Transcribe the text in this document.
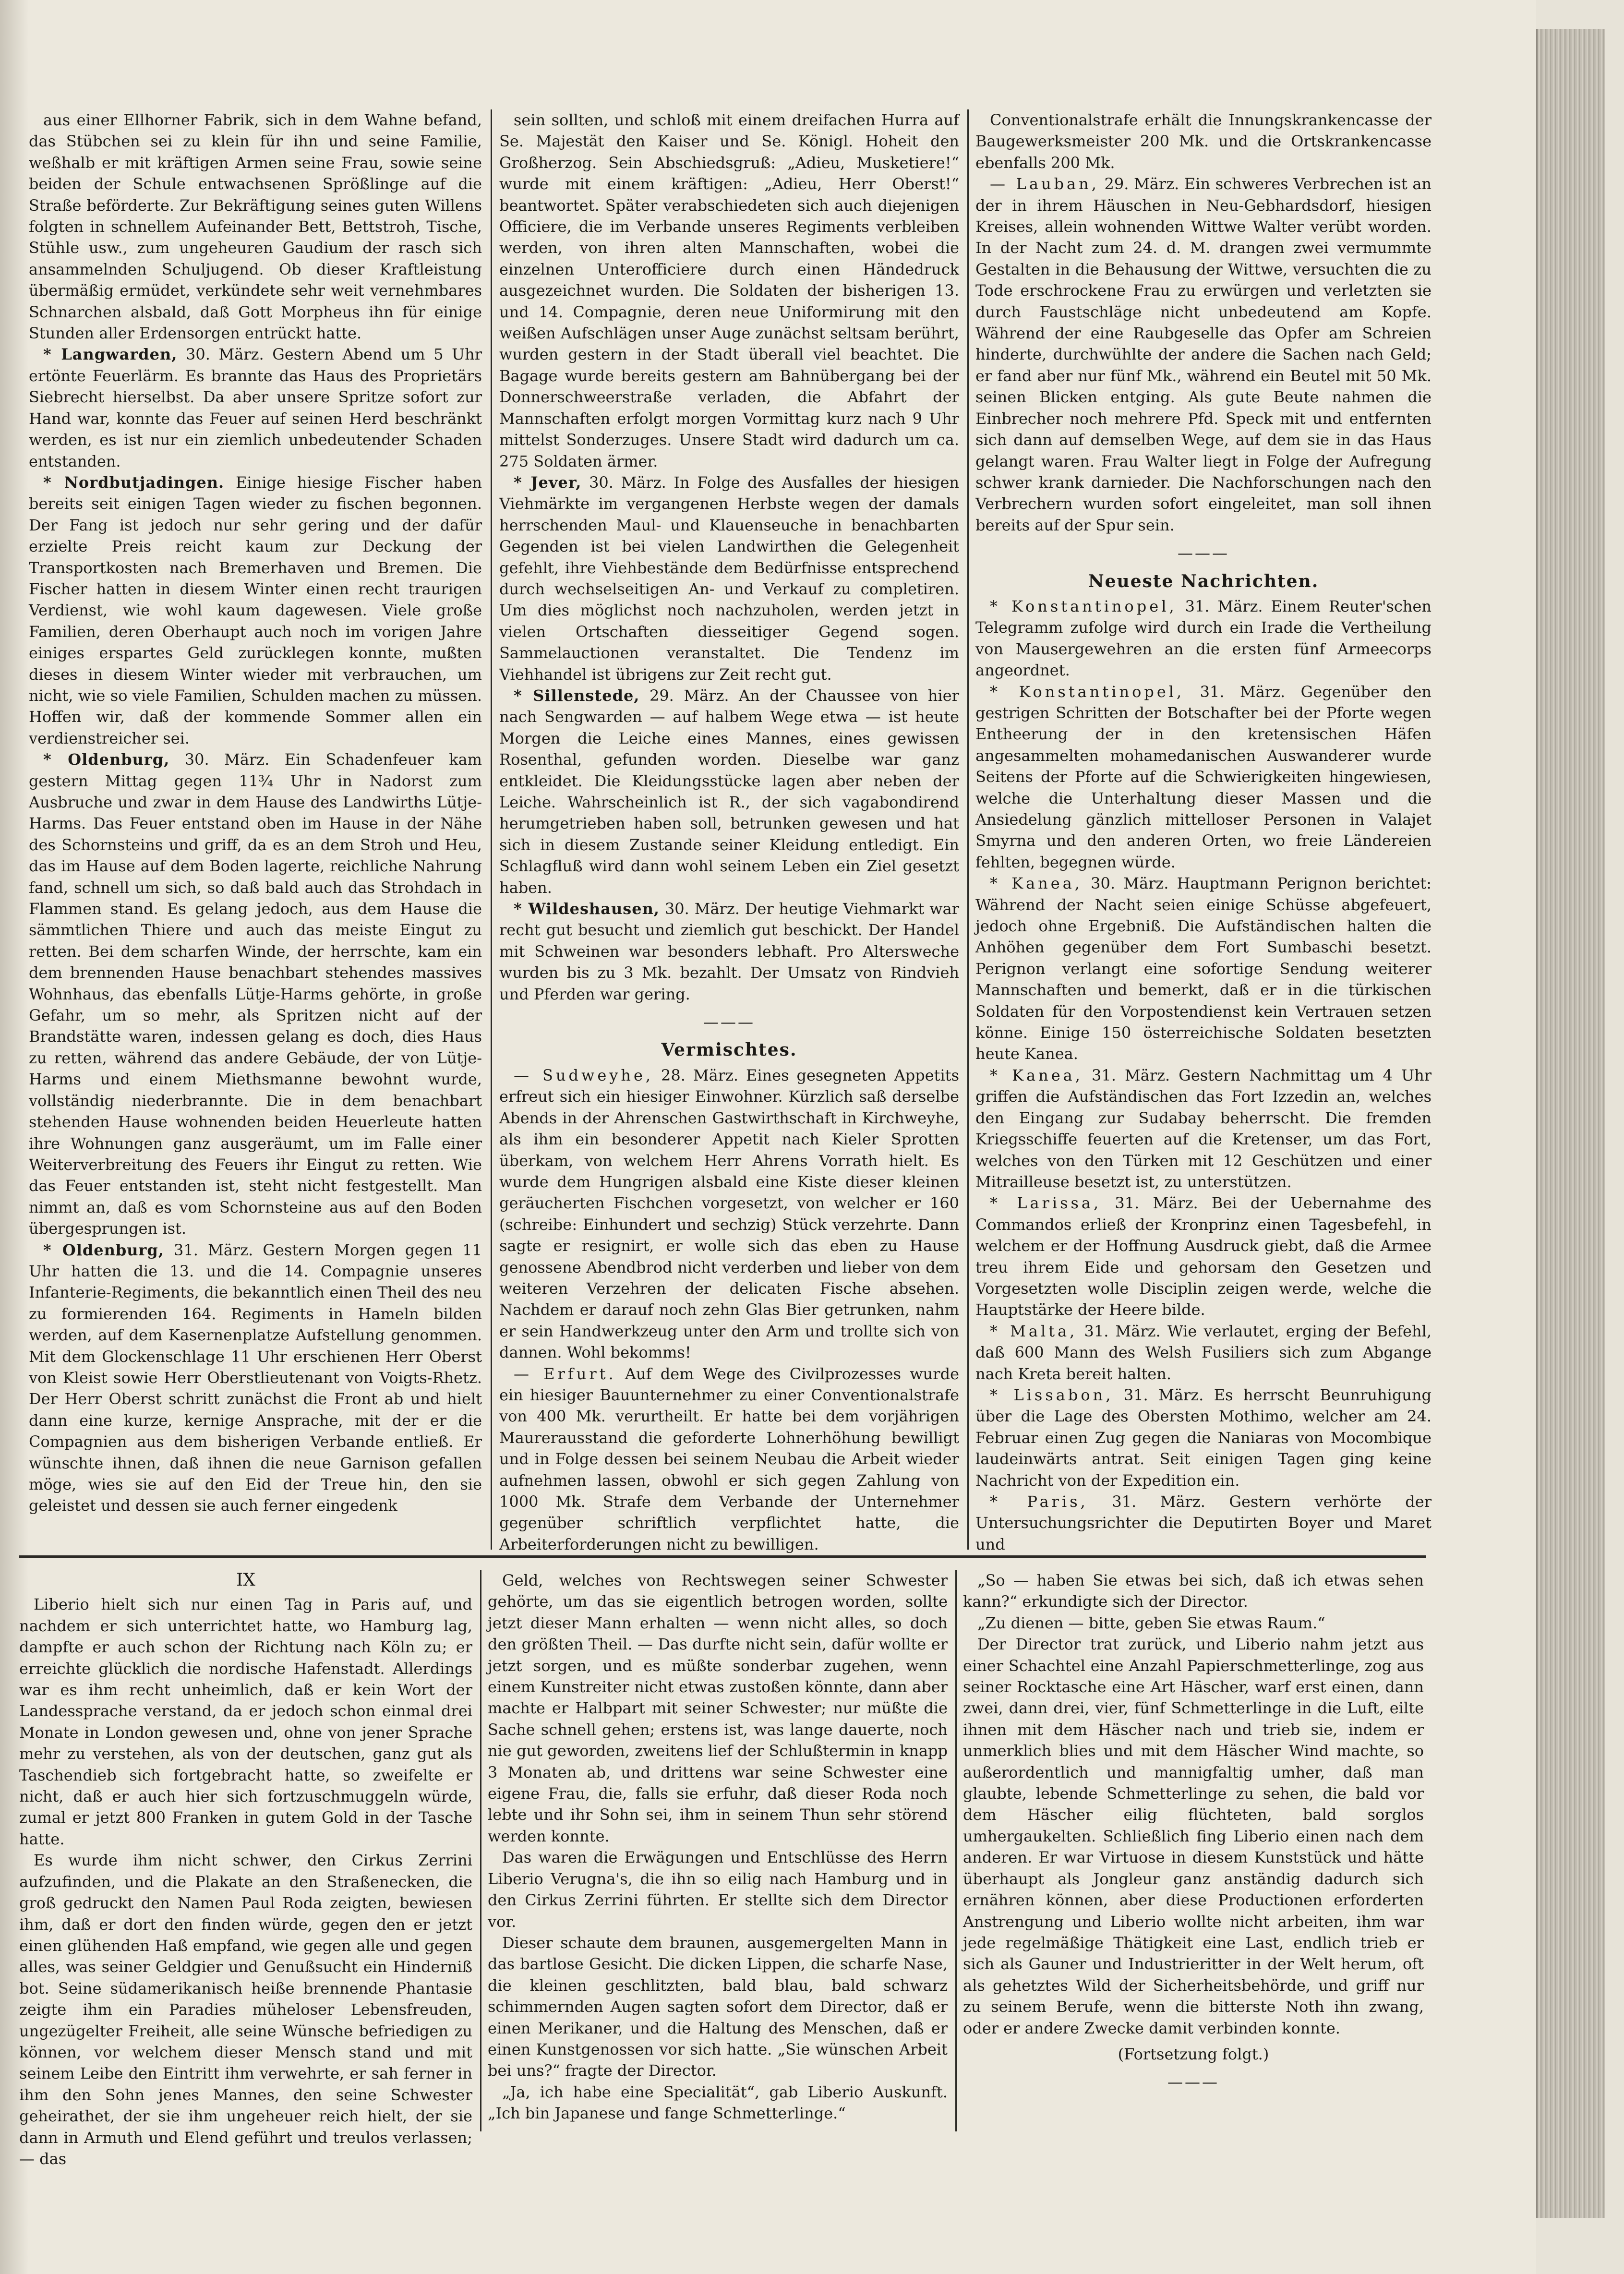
aus einer Ellhorner Fabrik, sich in dem Wahne befand, das Stübchen sei zu klein für ihn und seine Familie, weßhalb er mit kräftigen Armen seine Frau, sowie seine beiden der Schule entwachsenen Sprößlinge auf die Straße beförderte. Zur Bekräftigung seines guten Willens folgten in schnellem Aufeinander Bett, Bettstroh, Tische, Stühle usw., zum ungeheuren Gaudium der rasch sich ansammelnden Schuljugend. Ob dieser Kraftleistung übermäßig ermüdet, verkündete sehr weit vernehmbares Schnarchen alsbald, daß Gott Morpheus ihn für einige Stunden aller Erdensorgen entrückt hatte.

* Langwarden, 30. März. Gestern Abend um 5 Uhr ertönte Feuerlärm. Es brannte das Haus des Proprietärs Siebrecht hierselbst. Da aber unsere Spritze sofort zur Hand war, konnte das Feuer auf seinen Herd beschränkt werden, es ist nur ein ziemlich unbedeutender Schaden entstanden.

* Nordbutjadingen. Einige hiesige Fischer haben bereits seit einigen Tagen wieder zu fischen begonnen. Der Fang ist jedoch nur sehr gering und der dafür erzielte Preis reicht kaum zur Deckung der Transportkosten nach Bremerhaven und Bremen. Die Fischer hatten in diesem Winter einen recht traurigen Verdienst, wie wohl kaum dagewesen. Viele große Familien, deren Oberhaupt auch noch im vorigen Jahre einiges erspartes Geld zurücklegen konnte, mußten dieses in diesem Winter wieder mit verbrauchen, um nicht, wie so viele Familien, Schulden machen zu müssen. Hoffen wir, daß der kommende Sommer allen ein verdienstreicher sei.

* Oldenburg, 30. März. Ein Schadenfeuer kam gestern Mittag gegen 11¾ Uhr in Nadorst zum Ausbruche und zwar in dem Hause des Landwirths Lütje-Harms. Das Feuer entstand oben im Hause in der Nähe des Schornsteins und griff, da es an dem Stroh und Heu, das im Hause auf dem Boden lagerte, reichliche Nahrung fand, schnell um sich, so daß bald auch das Strohdach in Flammen stand. Es gelang jedoch, aus dem Hause die sämmtlichen Thiere und auch das meiste Eingut zu retten. Bei dem scharfen Winde, der herrschte, kam ein dem brennenden Hause benachbart stehendes massives Wohnhaus, das ebenfalls Lütje-Harms gehörte, in große Gefahr, um so mehr, als Spritzen nicht auf der Brandstätte waren, indessen gelang es doch, dies Haus zu retten, während das andere Gebäude, der von Lütje-Harms und einem Miethsmanne bewohnt wurde, vollständig niederbrannte. Die in dem benachbart stehenden Hause wohnenden beiden Heuerleute hatten ihre Wohnungen ganz ausgeräumt, um im Falle einer Weiterverbreitung des Feuers ihr Eingut zu retten. Wie das Feuer entstanden ist, steht nicht festgestellt. Man nimmt an, daß es vom Schornsteine aus auf den Boden übergesprungen ist.

* Oldenburg, 31. März. Gestern Morgen gegen 11 Uhr hatten die 13. und die 14. Compagnie unseres Infanterie-Regiments, die bekanntlich einen Theil des neu zu formierenden 164. Regiments in Hameln bilden werden, auf dem Kasernenplatze Aufstellung genommen. Mit dem Glockenschlage 11 Uhr erschienen Herr Oberst von Kleist sowie Herr Oberstlieutenant von Voigts-Rhetz. Der Herr Oberst schritt zunächst die Front ab und hielt dann eine kurze, kernige Ansprache, mit der er die Compagnien aus dem bisherigen Verbande entließ. Er wünschte ihnen, daß ihnen die neue Garnison gefallen möge, wies sie auf den Eid der Treue hin, den sie geleistet und dessen sie auch ferner eingedenk

sein sollten, und schloß mit einem dreifachen Hurra auf Se. Majestät den Kaiser und Se. Königl. Hoheit den Großherzog. Sein Abschiedsgruß: „Adieu, Musketiere!“ wurde mit einem kräftigen: „Adieu, Herr Oberst!“ beantwortet. Später verabschiedeten sich auch diejenigen Officiere, die im Verbande unseres Regiments verbleiben werden, von ihren alten Mannschaften, wobei die einzelnen Unterofficiere durch einen Händedruck ausgezeichnet wurden. Die Soldaten der bisherigen 13. und 14. Compagnie, deren neue Uniformirung mit den weißen Aufschlägen unser Auge zunächst seltsam berührt, wurden gestern in der Stadt überall viel beachtet. Die Bagage wurde bereits gestern am Bahnübergang bei der Donnerschweerstraße verladen, die Abfahrt der Mannschaften erfolgt morgen Vormittag kurz nach 9 Uhr mittelst Sonderzuges. Unsere Stadt wird dadurch um ca. 275 Soldaten ärmer.

* Jever, 30. März. In Folge des Ausfalles der hiesigen Viehmärkte im vergangenen Herbste wegen der damals herrschenden Maul- und Klauenseuche in benachbarten Gegenden ist bei vielen Landwirthen die Gelegenheit gefehlt, ihre Viehbestände dem Bedürfnisse entsprechend durch wechselseitigen An- und Verkauf zu completiren. Um dies möglichst noch nachzuholen, werden jetzt in vielen Ortschaften diesseitiger Gegend sogen. Sammelauctionen veranstaltet. Die Tendenz im Viehhandel ist übrigens zur Zeit recht gut.

* Sillenstede, 29. März. An der Chaussee von hier nach Sengwarden — auf halbem Wege etwa — ist heute Morgen die Leiche eines Mannes, eines gewissen Rosenthal, gefunden worden. Dieselbe war ganz entkleidet. Die Kleidungsstücke lagen aber neben der Leiche. Wahrscheinlich ist R., der sich vagabondirend herumgetrieben haben soll, betrunken gewesen und hat sich in diesem Zustande seiner Kleidung entledigt. Ein Schlagfluß wird dann wohl seinem Leben ein Ziel gesetzt haben.

* Wildeshausen, 30. März. Der heutige Viehmarkt war recht gut besucht und ziemlich gut beschickt. Der Handel mit Schweinen war besonders lebhaft. Pro Altersweche wurden bis zu 3 Mk. bezahlt. Der Umsatz von Rindvieh und Pferden war gering.

———
Vermischtes.

— Sudweyhe, 28. März. Eines gesegneten Appetits erfreut sich ein hiesiger Einwohner. Kürzlich saß derselbe Abends in der Ahrenschen Gastwirthschaft in Kirchweyhe, als ihm ein besonderer Appetit nach Kieler Sprotten überkam, von welchem Herr Ahrens Vorrath hielt. Es wurde dem Hungrigen alsbald eine Kiste dieser kleinen geräucherten Fischchen vorgesetzt, von welcher er 160 (schreibe: Einhundert und sechzig) Stück verzehrte. Dann sagte er resignirt, er wolle sich das eben zu Hause genossene Abendbrod nicht verderben und lieber von dem weiteren Verzehren der delicaten Fische absehen. Nachdem er darauf noch zehn Glas Bier getrunken, nahm er sein Handwerkzeug unter den Arm und trollte sich von dannen. Wohl bekomms!

— Erfurt. Auf dem Wege des Civilprozesses wurde ein hiesiger Bauunternehmer zu einer Conventionalstrafe von 400 Mk. verurtheilt. Er hatte bei dem vorjährigen Maurerausstand die geforderte Lohnerhöhung bewilligt und in Folge dessen bei seinem Neubau die Arbeit wieder aufnehmen lassen, obwohl er sich gegen Zahlung von 1000 Mk. Strafe dem Verbande der Unternehmer gegenüber schriftlich verpflichtet hatte, die Arbeiterforderungen nicht zu bewilligen.

Conventionalstrafe erhält die Innungskrankencasse der Baugewerksmeister 200 Mk. und die Ortskrankencasse ebenfalls 200 Mk.

— Lauban, 29. März. Ein schweres Verbrechen ist an der in ihrem Häuschen in Neu-Gebhardsdorf, hiesigen Kreises, allein wohnenden Wittwe Walter verübt worden. In der Nacht zum 24. d. M. drangen zwei vermummte Gestalten in die Behausung der Wittwe, versuchten die zu Tode erschrockene Frau zu erwürgen und verletzten sie durch Faustschläge nicht unbedeutend am Kopfe. Während der eine Raubgeselle das Opfer am Schreien hinderte, durchwühlte der andere die Sachen nach Geld; er fand aber nur fünf Mk., während ein Beutel mit 50 Mk. seinen Blicken entging. Als gute Beute nahmen die Einbrecher noch mehrere Pfd. Speck mit und entfernten sich dann auf demselben Wege, auf dem sie in das Haus gelangt waren. Frau Walter liegt in Folge der Aufregung schwer krank darnieder. Die Nachforschungen nach den Verbrechern wurden sofort eingeleitet, man soll ihnen bereits auf der Spur sein.

———
Neueste Nachrichten.

* Konstantinopel, 31. März. Einem Reuter'schen Telegramm zufolge wird durch ein Irade die Vertheilung von Mausergewehren an die ersten fünf Armeecorps angeordnet.

* Konstantinopel, 31. März. Gegenüber den gestrigen Schritten der Botschafter bei der Pforte wegen Entheerung der in den kretensischen Häfen angesammelten mohamedanischen Auswanderer wurde Seitens der Pforte auf die Schwierigkeiten hingewiesen, welche die Unterhaltung dieser Massen und die Ansiedelung gänzlich mittelloser Personen in Valajet Smyrna und den anderen Orten, wo freie Ländereien fehlten, begegnen würde.

* Kanea, 30. März. Hauptmann Perignon berichtet: Während der Nacht seien einige Schüsse abgefeuert, jedoch ohne Ergebniß. Die Aufständischen halten die Anhöhen gegenüber dem Fort Sumbaschi besetzt. Perignon verlangt eine sofortige Sendung weiterer Mannschaften und bemerkt, daß er in die türkischen Soldaten für den Vorpostendienst kein Vertrauen setzen könne. Einige 150 österreichische Soldaten besetzten heute Kanea.

* Kanea, 31. März. Gestern Nachmittag um 4 Uhr griffen die Aufständischen das Fort Izzedin an, welches den Eingang zur Sudabay beherrscht. Die fremden Kriegsschiffe feuerten auf die Kretenser, um das Fort, welches von den Türken mit 12 Geschützen und einer Mitrailleuse besetzt ist, zu unterstützen.

* Larissa, 31. März. Bei der Uebernahme des Commandos erließ der Kronprinz einen Tagesbefehl, in welchem er der Hoffnung Ausdruck giebt, daß die Armee treu ihrem Eide und gehorsam den Gesetzen und Vorgesetzten wolle Disciplin zeigen werde, welche die Hauptstärke der Heere bilde.

* Malta, 31. März. Wie verlautet, erging der Befehl, daß 600 Mann des Welsh Fusiliers sich zum Abgange nach Kreta bereit halten.

* Lissabon, 31. März. Es herrscht Beunruhigung über die Lage des Obersten Mothimo, welcher am 24. Februar einen Zug gegen die Naniaras von Mocombique laudeinwärts antrat. Seit einigen Tagen ging keine Nachricht von der Expedition ein.

* Paris, 31. März. Gestern verhörte der Untersuchungsrichter die Deputirten Boyer und Maret und

IX

Liberio hielt sich nur einen Tag in Paris auf, und nachdem er sich unterrichtet hatte, wo Hamburg lag, dampfte er auch schon der Richtung nach Köln zu; er erreichte glücklich die nordische Hafenstadt. Allerdings war es ihm recht unheimlich, daß er kein Wort der Landessprache verstand, da er jedoch schon einmal drei Monate in London gewesen und, ohne von jener Sprache mehr zu verstehen, als von der deutschen, ganz gut als Taschendieb sich fortgebracht hatte, so zweifelte er nicht, daß er auch hier sich fortzuschmuggeln würde, zumal er jetzt 800 Franken in gutem Gold in der Tasche hatte.

Es wurde ihm nicht schwer, den Cirkus Zerrini aufzufinden, und die Plakate an den Straßenecken, die groß gedruckt den Namen Paul Roda zeigten, bewiesen ihm, daß er dort den finden würde, gegen den er jetzt einen glühenden Haß empfand, wie gegen alle und gegen alles, was seiner Geldgier und Genußsucht ein Hinderniß bot. Seine südamerikanisch heiße brennende Phantasie zeigte ihm ein Paradies müheloser Lebensfreuden, ungezügelter Freiheit, alle seine Wünsche befriedigen zu können, vor welchem dieser Mensch stand und mit seinem Leibe den Eintritt ihm verwehrte, er sah ferner in ihm den Sohn jenes Mannes, den seine Schwester geheirathet, der sie ihm ungeheuer reich hielt, der sie dann in Armuth und Elend geführt und treulos verlassen; — das

Geld, welches von Rechtswegen seiner Schwester gehörte, um das sie eigentlich betrogen worden, sollte jetzt dieser Mann erhalten — wenn nicht alles, so doch den größten Theil. — Das durfte nicht sein, dafür wollte er jetzt sorgen, und es müßte sonderbar zugehen, wenn einem Kunstreiter nicht etwas zustoßen könnte, dann aber machte er Halbpart mit seiner Schwester; nur müßte die Sache schnell gehen; erstens ist, was lange dauerte, noch nie gut geworden, zweitens lief der Schlußtermin in knapp 3 Monaten ab, und drittens war seine Schwester eine eigene Frau, die, falls sie erfuhr, daß dieser Roda noch lebte und ihr Sohn sei, ihm in seinem Thun sehr störend werden konnte.

Das waren die Erwägungen und Entschlüsse des Herrn Liberio Verugna's, die ihn so eilig nach Hamburg und in den Cirkus Zerrini führten. Er stellte sich dem Director vor.

Dieser schaute dem braunen, ausgemergelten Mann in das bartlose Gesicht. Die dicken Lippen, die scharfe Nase, die kleinen geschlitzten, bald blau, bald schwarz schimmernden Augen sagten sofort dem Director, daß er einen Merikaner, und die Haltung des Menschen, daß er einen Kunstgenossen vor sich hatte. „Sie wünschen Arbeit bei uns?“ fragte der Director.

„Ja, ich habe eine Specialität“, gab Liberio Auskunft. „Ich bin Japanese und fange Schmetterlinge.“

„So — haben Sie etwas bei sich, daß ich etwas sehen kann?“ erkundigte sich der Director.

„Zu dienen — bitte, geben Sie etwas Raum.“

Der Director trat zurück, und Liberio nahm jetzt aus einer Schachtel eine Anzahl Papierschmetterlinge, zog aus seiner Rocktasche eine Art Häscher, warf erst einen, dann zwei, dann drei, vier, fünf Schmetterlinge in die Luft, eilte ihnen mit dem Häscher nach und trieb sie, indem er unmerklich blies und mit dem Häscher Wind machte, so außerordentlich und mannigfaltig umher, daß man glaubte, lebende Schmetterlinge zu sehen, die bald vor dem Häscher eilig flüchteten, bald sorglos umhergaukelten. Schließlich fing Liberio einen nach dem anderen. Er war Virtuose in diesem Kunststück und hätte überhaupt als Jongleur ganz anständig dadurch sich ernähren können, aber diese Productionen erforderten Anstrengung und Liberio wollte nicht arbeiten, ihm war jede regelmäßige Thätigkeit eine Last, endlich trieb er sich als Gauner und Industrieritter in der Welt herum, oft als gehetztes Wild der Sicherheitsbehörde, und griff nur zu seinem Berufe, wenn die bitterste Noth ihn zwang, oder er andere Zwecke damit verbinden konnte.

(Fortsetzung folgt.)
———
